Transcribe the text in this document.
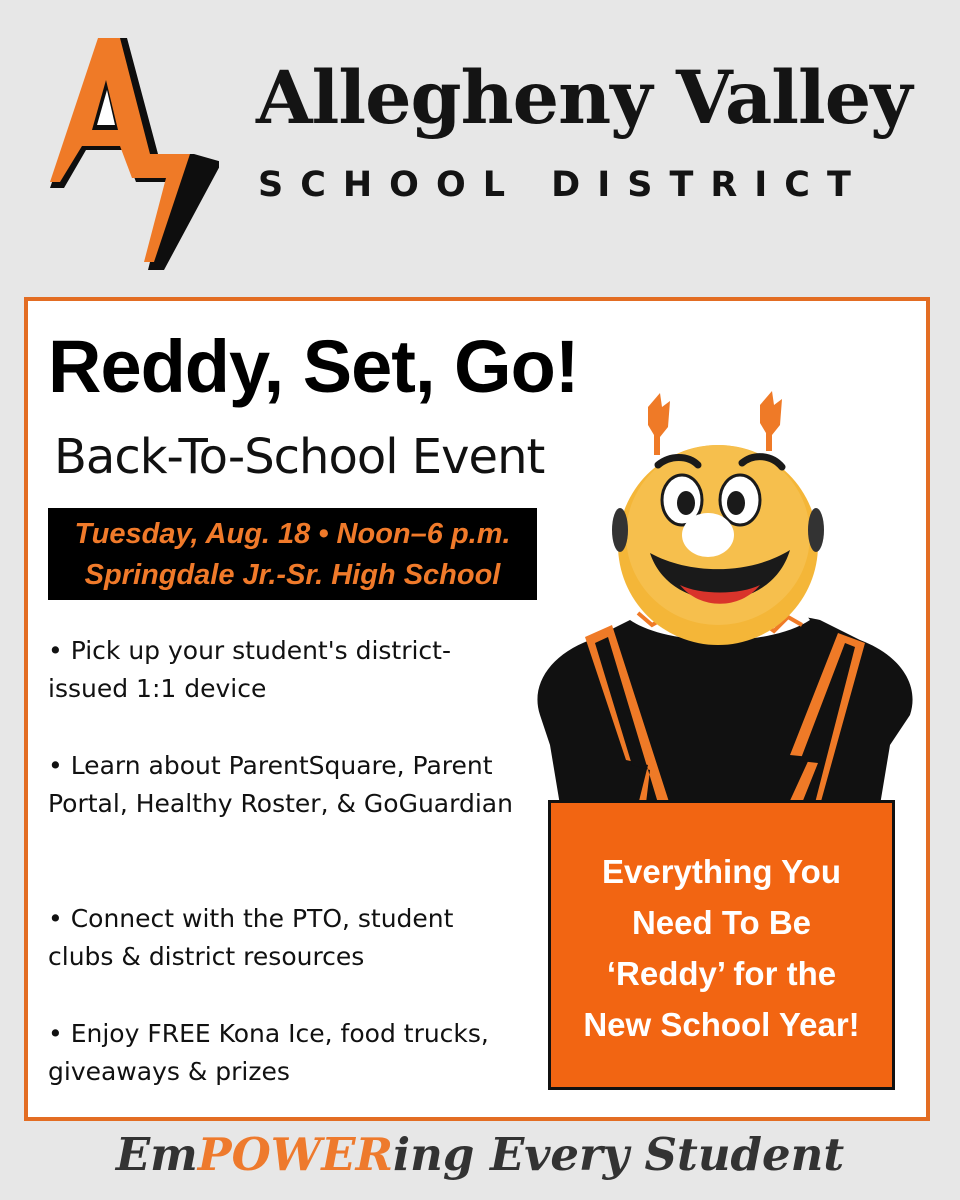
Allegheny Valley
SCHOOL DISTRICT
Reddy, Set, Go!
Back-To-School Event
Tuesday, Aug. 18 • Noon–6 p.m.
Springdale Jr.-Sr. High School
• Pick up your student's district-issued 1:1 device
• Learn about ParentSquare, Parent Portal, Healthy Roster, & GoGuardian
• Connect with the PTO, student clubs & district resources
• Enjoy FREE Kona Ice, food trucks, giveaways & prizes
Everything You
Need To Be
‘Reddy’ for the
New School Year!
EmPOWERing Every Student
